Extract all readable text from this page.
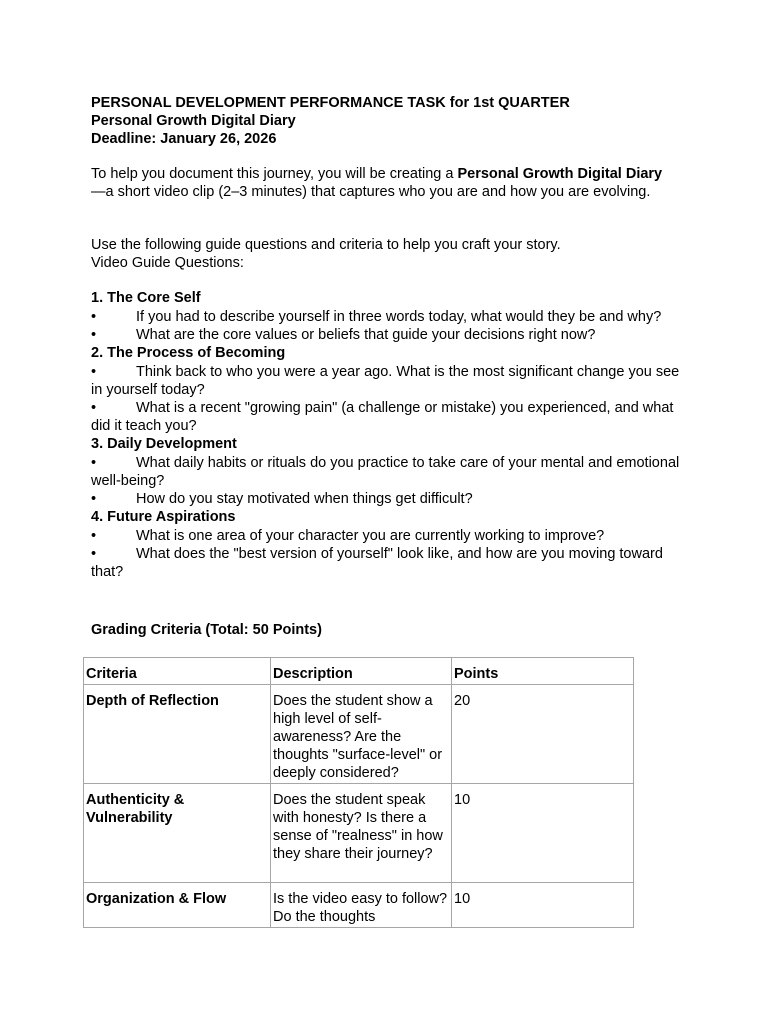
PERSONAL DEVELOPMENT PERFORMANCE TASK for 1st QUARTER
Personal Growth Digital Diary
Deadline: January 26, 2026
To help you document this journey, you will be creating a Personal Growth Digital Diary—a short video clip (2–3 minutes) that captures who you are and how you are evolving.
Use the following guide questions and criteria to help you craft your story.
Video Guide Questions:
1. The Core Self
•	If you had to describe yourself in three words today, what would they be and why?
•	What are the core values or beliefs that guide your decisions right now?
2. The Process of Becoming
•	Think back to who you were a year ago. What is the most significant change you see in yourself today?
•	What is a recent "growing pain" (a challenge or mistake) you experienced, and what did it teach you?
3. Daily Development
•	What daily habits or rituals do you practice to take care of your mental and emotional well-being?
•	How do you stay motivated when things get difficult?
4. Future Aspirations
•	What is one area of your character you are currently working to improve?
•	What does the "best version of yourself" look like, and how are you moving toward that?
Grading Criteria (Total: 50 Points)
Criteria	Description	Points
Depth of Reflection	Does the student show a high level of self-awareness? Are the thoughts "surface-level" or deeply considered?	20
Authenticity & Vulnerability	Does the student speak with honesty? Is there a sense of "realness" in how they share their journey?	10
Organization & Flow	Is the video easy to follow? Do the thoughts	10
